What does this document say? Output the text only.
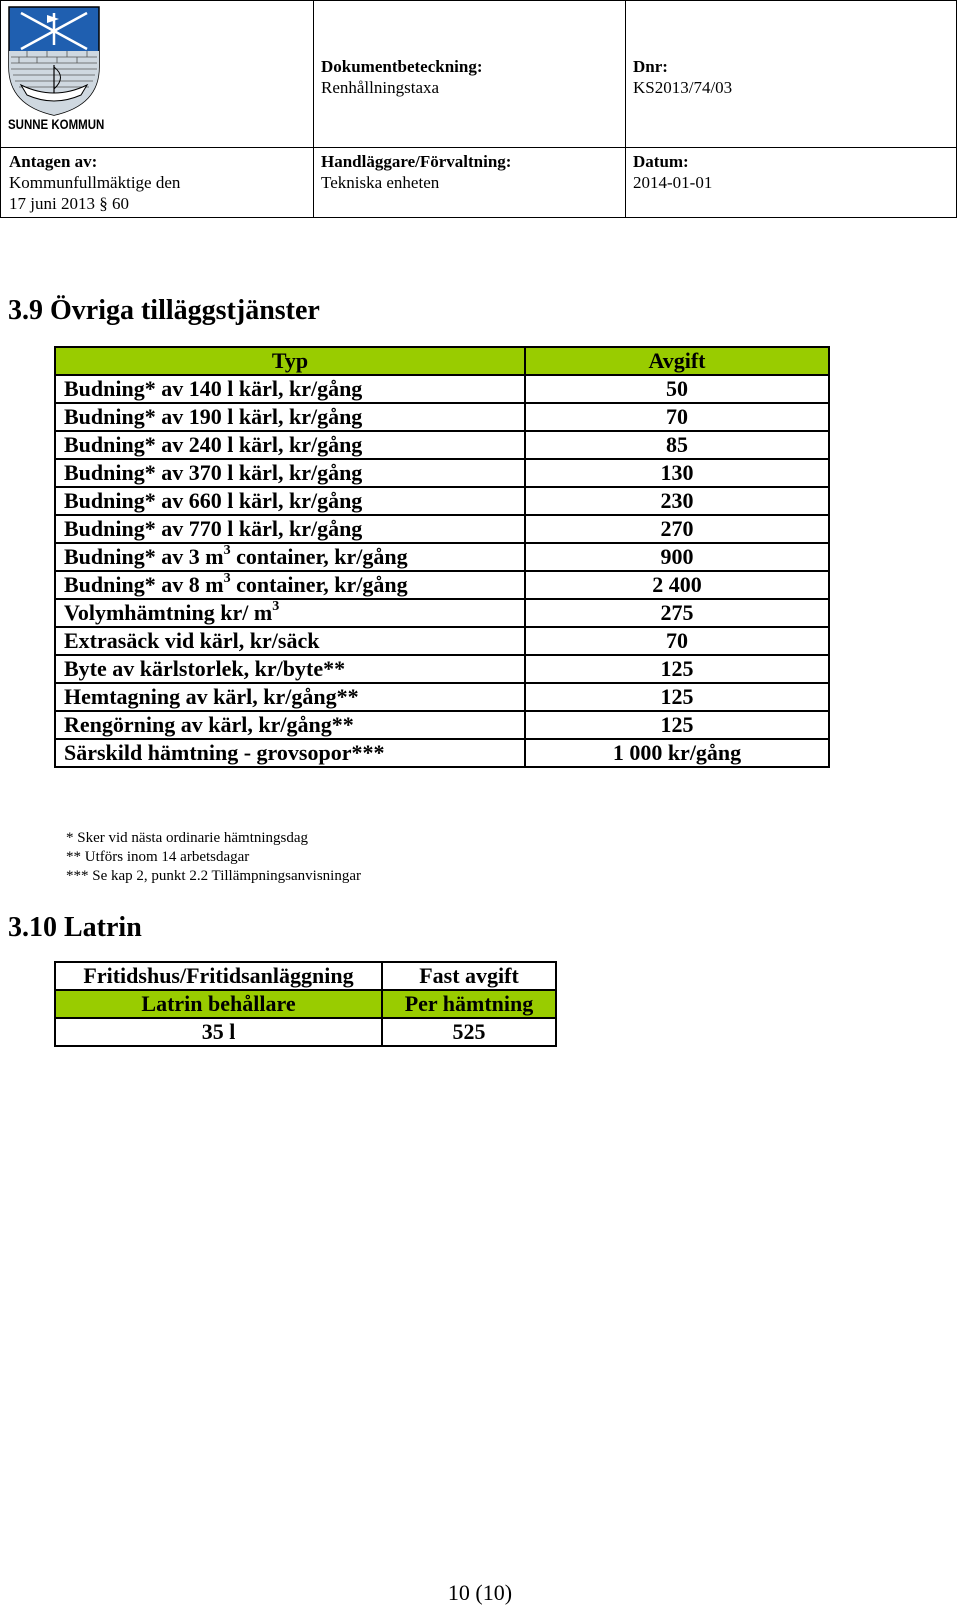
SUNNE KOMMUN
Dokumentbeteckning:
Renhållningstaxa
Dnr:
KS2013/74/03
Antagen av:
Kommunfullmäktige den
17 juni 2013 § 60
Handläggare/Förvaltning:
Tekniska enheten
Datum:
2014-01-01
3.9 Övriga tilläggstjänster
Typ	Avgift
Budning* av 140 l kärl, kr/gång	50
Budning* av 190 l kärl, kr/gång	70
Budning* av 240 l kärl, kr/gång	85
Budning* av 370 l kärl, kr/gång	130
Budning* av 660 l kärl, kr/gång	230
Budning* av 770 l kärl, kr/gång	270
Budning* av 3 $m^3$ container, kr/gång	900
Budning* av 8 $m^3$ container, kr/gång	2 400
Volymhämtning kr/ $m^3$	275
Extrasäck vid kärl, kr/säck	70
Byte av kärlstorlek, kr/byte**	125
Hemtagning av kärl, kr/gång**	125
Rengörning av kärl, kr/gång**	125
Särskild hämtning - grovsopor***	1 000 kr/gång
* Sker vid nästa ordinarie hämtningsdag
** Utförs inom 14 arbetsdagar
*** Se kap 2, punkt 2.2 Tillämpningsanvisningar
3.10 Latrin
Fritidshus/Fritidsanläggning	Fast avgift
Latrin behållare	Per hämtning
35 l	525
10 (10)
